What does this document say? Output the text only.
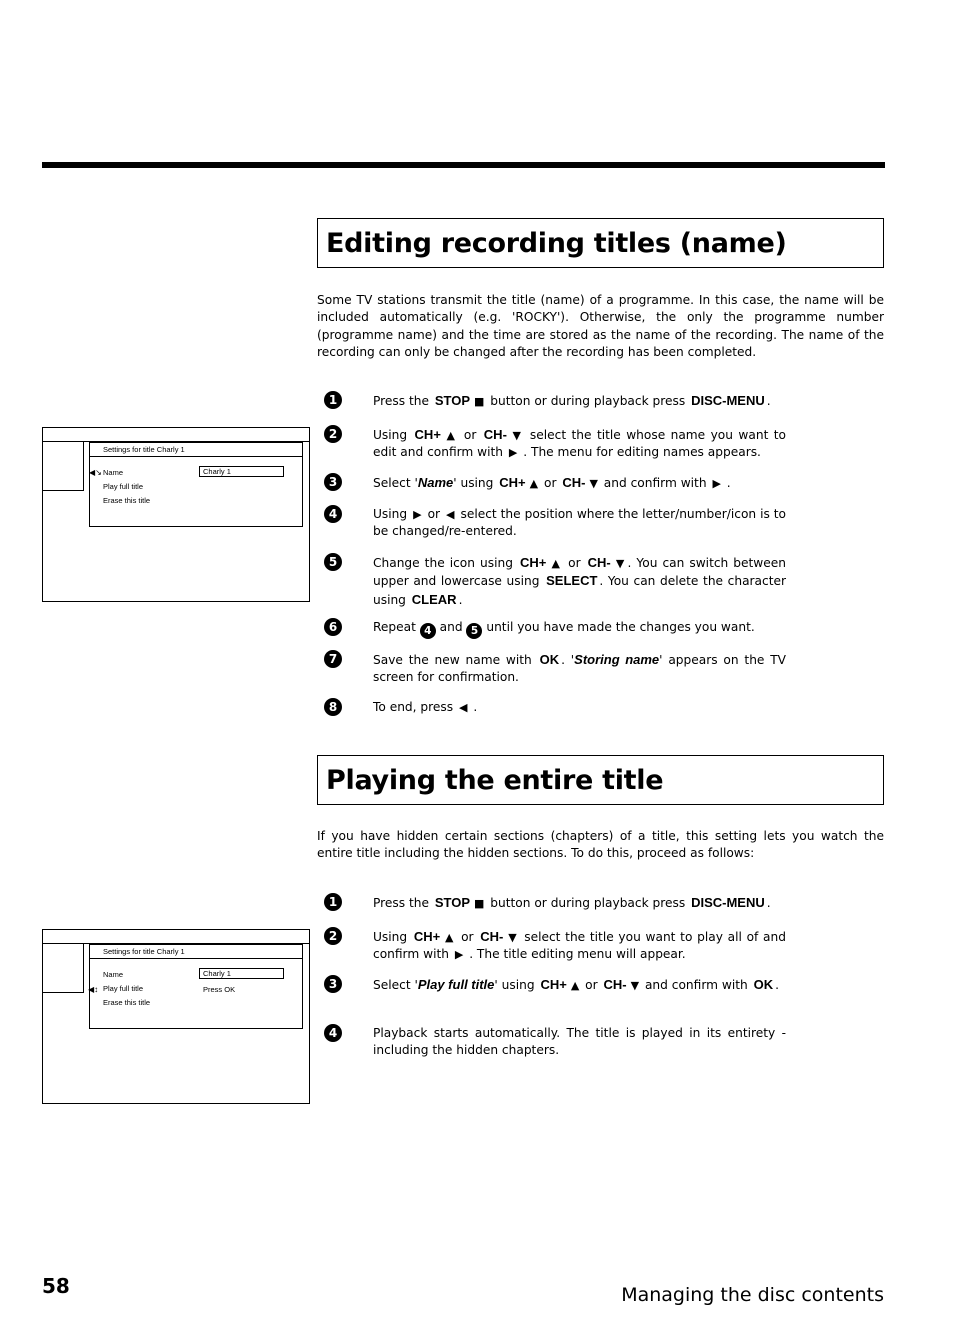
Editing recording titles (name)
Some TV stations transmit the title (name) of a programme. In this case, the name will be included automatically (e.g. 'ROCKY'). Otherwise, the only the programme number (programme name) and the time are stored as the name of the recording. The name of the recording can only be changed after the recording has been completed.
1	Press the STOP ■ button or during playback press DISC-MENU .
2	Using CH+ ▲ or CH- ▼ select the title whose name you want to edit and confirm with ▶ . The menu for editing names appears.
3	Select 'Name' using CH+ ▲ or CH- ▼ and confirm with ▶ .
4	Using ▶ or ◀ select the position where the letter/number/icon is to be changed/re-entered.
5	Change the icon using CH+ ▲ or CH- ▼ . You can switch between upper and lowercase using SELECT . You can delete the character using CLEAR .
6	Repeat 4 and 5 until you have made the changes you want.
7	Save the new name with OK . 'Storing name' appears on the TV screen for confirmation.
8	To end, press ◀ .
Settings for title Charly 1
Name
Play full title
Erase this title
Charly 1
◀↘
Playing the entire title
If you have hidden certain sections (chapters) of a title, this setting lets you watch the entire title including the hidden sections. To do this, proceed as follows:
1	Press the STOP ■ button or during playback press DISC-MENU .
2	Using CH+ ▲ or CH- ▼ select the title you want to play all of and confirm with ▶ . The title editing menu will appear.
3	Select 'Play full title' using CH+ ▲ or CH- ▼ and confirm with OK .
4	Playback starts automatically. The title is played in its entirety - including the hidden chapters.
Settings for title Charly 1
Name
Play full title
Erase this title
Charly 1
Press OK
◀↕
58	Managing the disc contents
